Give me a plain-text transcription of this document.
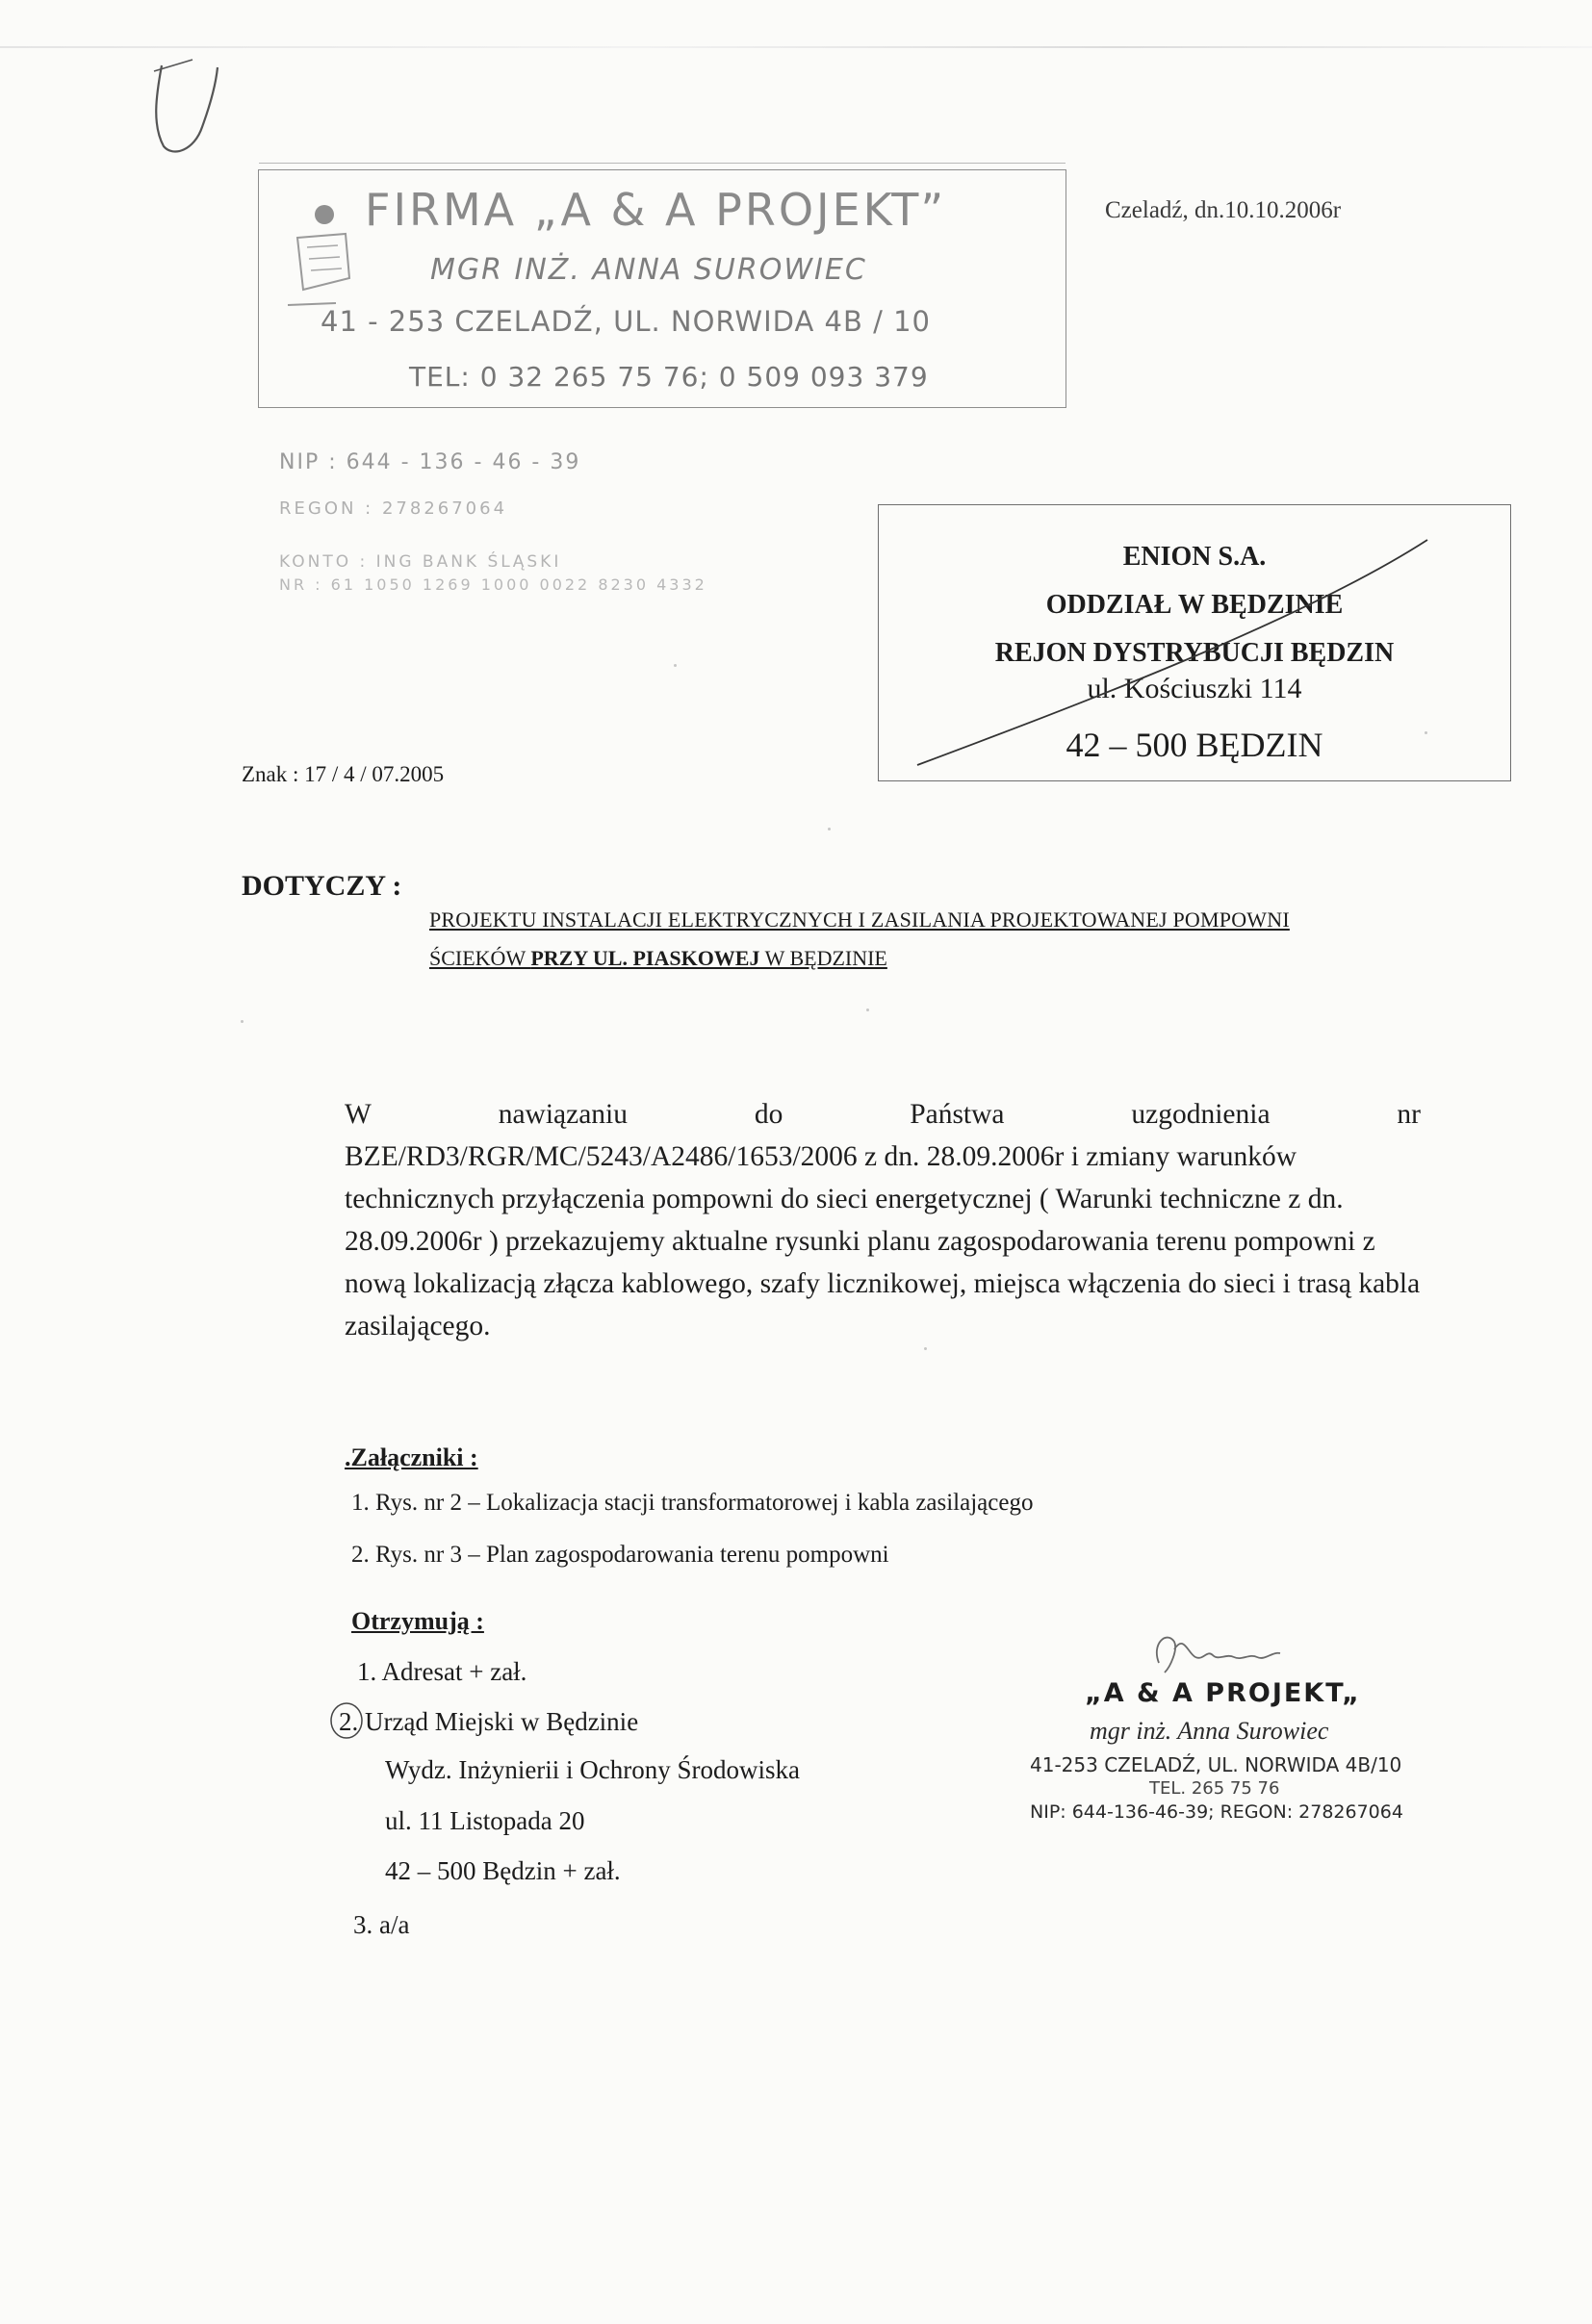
FIRMA „A & A PROJEKT”
MGR INŻ. ANNA SUROWIEC
41 - 253 CZELADŹ, UL. NORWIDA 4B / 10
TEL: 0 32 265 75 76; 0 509 093 379
Czeladź, dn.10.10.2006r
NIP : 644 - 136 - 46 - 39
REGON : 278267064
KONTO : ING BANK ŚLĄSKI
NR : 61 1050 1269 1000 0022 8230 4332
ENION S.A.
ODDZIAŁ W BĘDZINIE
REJON DYSTRYBUCJI BĘDZIN
ul. Kościuszki 114
42 – 500 BĘDZIN
Znak : 17 / 4 / 07.2005
DOTYCZY :
PROJEKTU INSTALACJI ELEKTRYCZNYCH I ZASILANIA PROJEKTOWANEJ POMPOWNI
ŚCIEKÓW PRZY UL. PIASKOWEJ W BĘDZINIE
W	nawiązaniu	do	Państwa	uzgodnienia	nr

BZE/RD3/RGR/MC/5243/A2486/1653/2006 z dn. 28.09.2006r i zmiany warunków technicznych przyłączenia pompowni do sieci energetycznej ( Warunki techniczne z dn. 28.09.2006r ) przekazujemy aktualne rysunki planu zagospodarowania terenu pompowni z nową lokalizacją złącza kablowego, szafy licznikowej, miejsca włączenia do sieci i trasą kabla zasilającego.

.Załączniki :
1. Rys. nr 2 – Lokalizacja stacji transformatorowej i kabla zasilającego
2. Rys. nr 3 – Plan zagospodarowania terenu pompowni
Otrzymują :
1. Adresat + zał.
2. Urząd Miejski w Będzinie
Wydz. Inżynierii i Ochrony Środowiska
ul. 11 Listopada 20
42 – 500 Będzin + zał.
3. a/a
„A & A PROJEKT„
mgr inż. Anna Surowiec
41-253 CZELADŹ, UL. NORWIDA 4B/10
TEL. 265 75 76
NIP: 644-136-46-39; REGON: 278267064
